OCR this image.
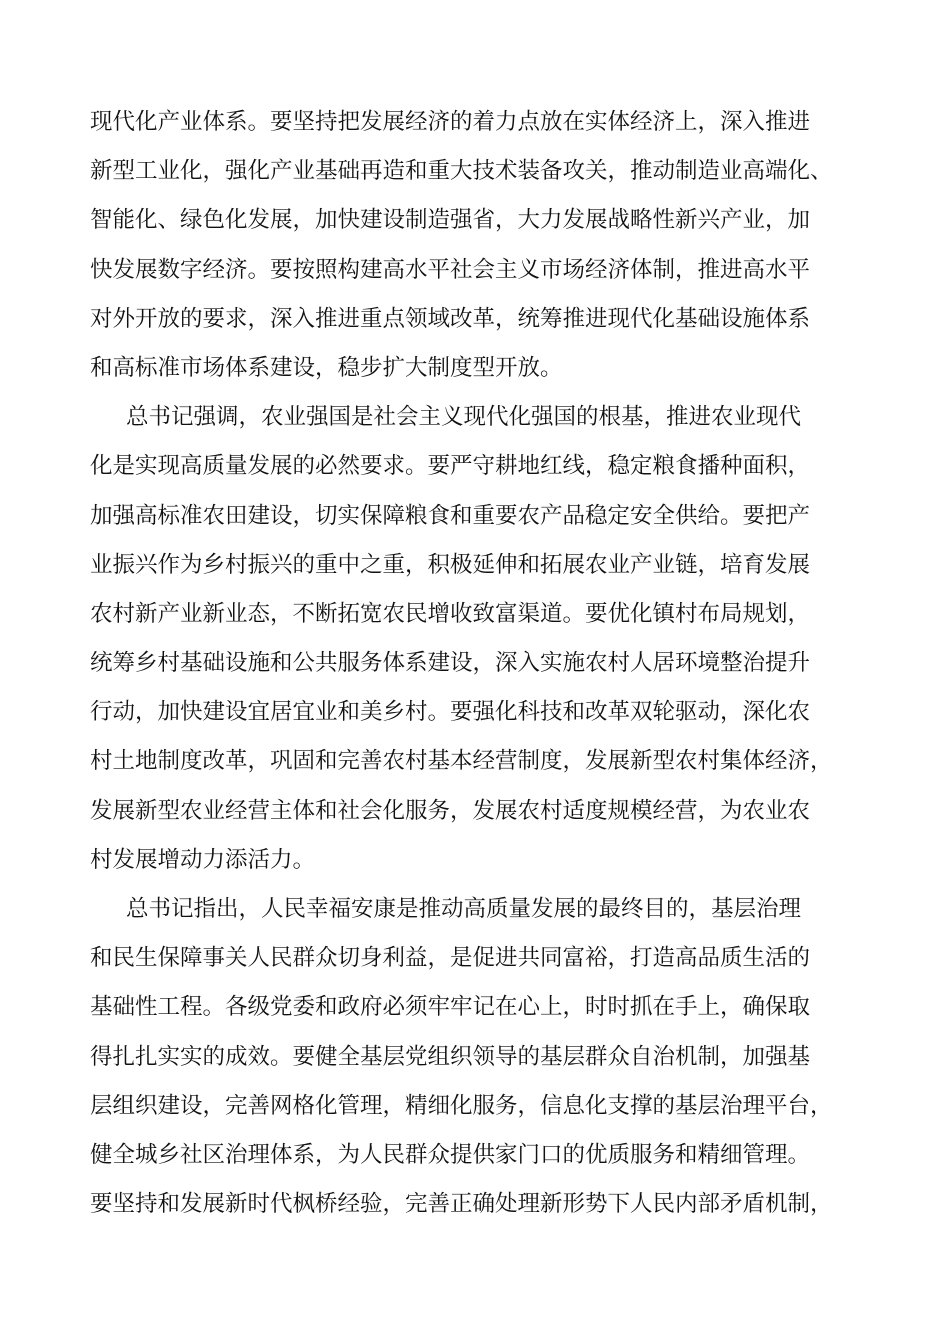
现代化产业体系。要坚持把发展经济的着力点放在实体经济上，深入推进
新型工业化，强化产业基础再造和重大技术装备攻关，推动制造业高端化、
智能化、绿色化发展，加快建设制造强省，大力发展战略性新兴产业，加
快发展数字经济。要按照构建高水平社会主义市场经济体制，推进高水平
对外开放的要求，深入推进重点领域改革，统筹推进现代化基础设施体系
和高标准市场体系建设，稳步扩大制度型开放。
总书记强调，农业强国是社会主义现代化强国的根基，推进农业现代
化是实现高质量发展的必然要求。要严守耕地红线，稳定粮食播种面积，
加强高标准农田建设，切实保障粮食和重要农产品稳定安全供给。要把产
业振兴作为乡村振兴的重中之重，积极延伸和拓展农业产业链，培育发展
农村新产业新业态，不断拓宽农民增收致富渠道。要优化镇村布局规划，
统筹乡村基础设施和公共服务体系建设，深入实施农村人居环境整治提升
行动，加快建设宜居宜业和美乡村。要强化科技和改革双轮驱动，深化农
村土地制度改革，巩固和完善农村基本经营制度，发展新型农村集体经济，
发展新型农业经营主体和社会化服务，发展农村适度规模经营，为农业农
村发展增动力添活力。
总书记指出，人民幸福安康是推动高质量发展的最终目的，基层治理
和民生保障事关人民群众切身利益，是促进共同富裕，打造高品质生活的
基础性工程。各级党委和政府必须牢牢记在心上，时时抓在手上，确保取
得扎扎实实的成效。要健全基层党组织领导的基层群众自治机制，加强基
层组织建设，完善网格化管理，精细化服务，信息化支撑的基层治理平台，
健全城乡社区治理体系，为人民群众提供家门口的优质服务和精细管理。
要坚持和发展新时代枫桥经验，完善正确处理新形势下人民内部矛盾机制，
